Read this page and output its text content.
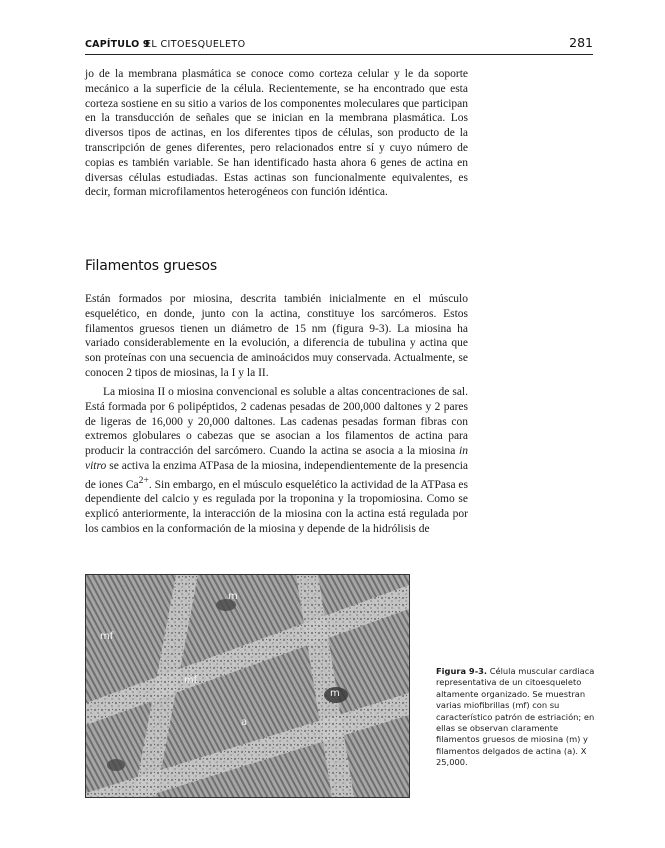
CAPÍTULO 9
EL CITOESQUELETO	281

jo de la membrana plasmática se conoce como corteza celular y le da soporte mecánico a la superficie de la célula. Recientemente, se ha encontrado que esta corteza sostiene en su sitio a varios de los componentes moleculares que participan en la transducción de señales que se inician en la membrana plasmática. Los diversos tipos de actinas, en los diferentes tipos de células, son producto de la transcripción de genes diferentes, pero relacionados entre sí y cuyo número de copias es también variable. Se han identificado hasta ahora 6 genes de actina en diversas células estudiadas. Estas actinas son funcionalmente equivalentes, es decir, forman microfilamentos heterogéneos con función idéntica.

Filamentos gruesos

Están formados por miosina, descrita también inicialmente en el músculo esquelético, en donde, junto con la actina, constituye los sarcómeros. Estos filamentos gruesos tienen un diámetro de 15 nm (figura 9-3). La miosina ha variado considerablemente en la evolución, a diferencia de tubulina y actina que son proteínas con una secuencia de aminoácidos muy conservada. Actualmente, se conocen 2 tipos de miosinas, la I y la II.

La miosina II o miosina convencional es soluble a altas concentraciones de sal. Está formada por 6 polipéptidos, 2 cadenas pesadas de 200,000 daltones y 2 pares de ligeras de 16,000 y 20,000 daltones. Las cadenas pesadas forman fibras con extremos globulares o cabezas que se asocian a los filamentos de actina para producir la contracción del sarcómero. Cuando la actina se asocia a la miosina in vitro se activa la enzima ATPasa de la miosina, independientemente de la presencia de iones $Ca^{2+}$. Sin embargo, en el músculo esquelético la actividad de la ATPasa es dependiente del calcio y es regulada por la troponina y la tropomiosina. Como se explicó anteriormente, la interacción de la miosina con la actina está regulada por los cambios en la conformación de la miosina y depende de la hidrólisis de

m
mf
mf
m
a

Figura 9-3. Célula muscular cardiaca representativa de un citoesqueleto altamente organizado. Se muestran varias miofibrillas (mf) con su característico patrón de estriación; en ellas se observan claramente filamentos gruesos de miosina (m) y filamentos delgados de actina (a). X 25,000.
